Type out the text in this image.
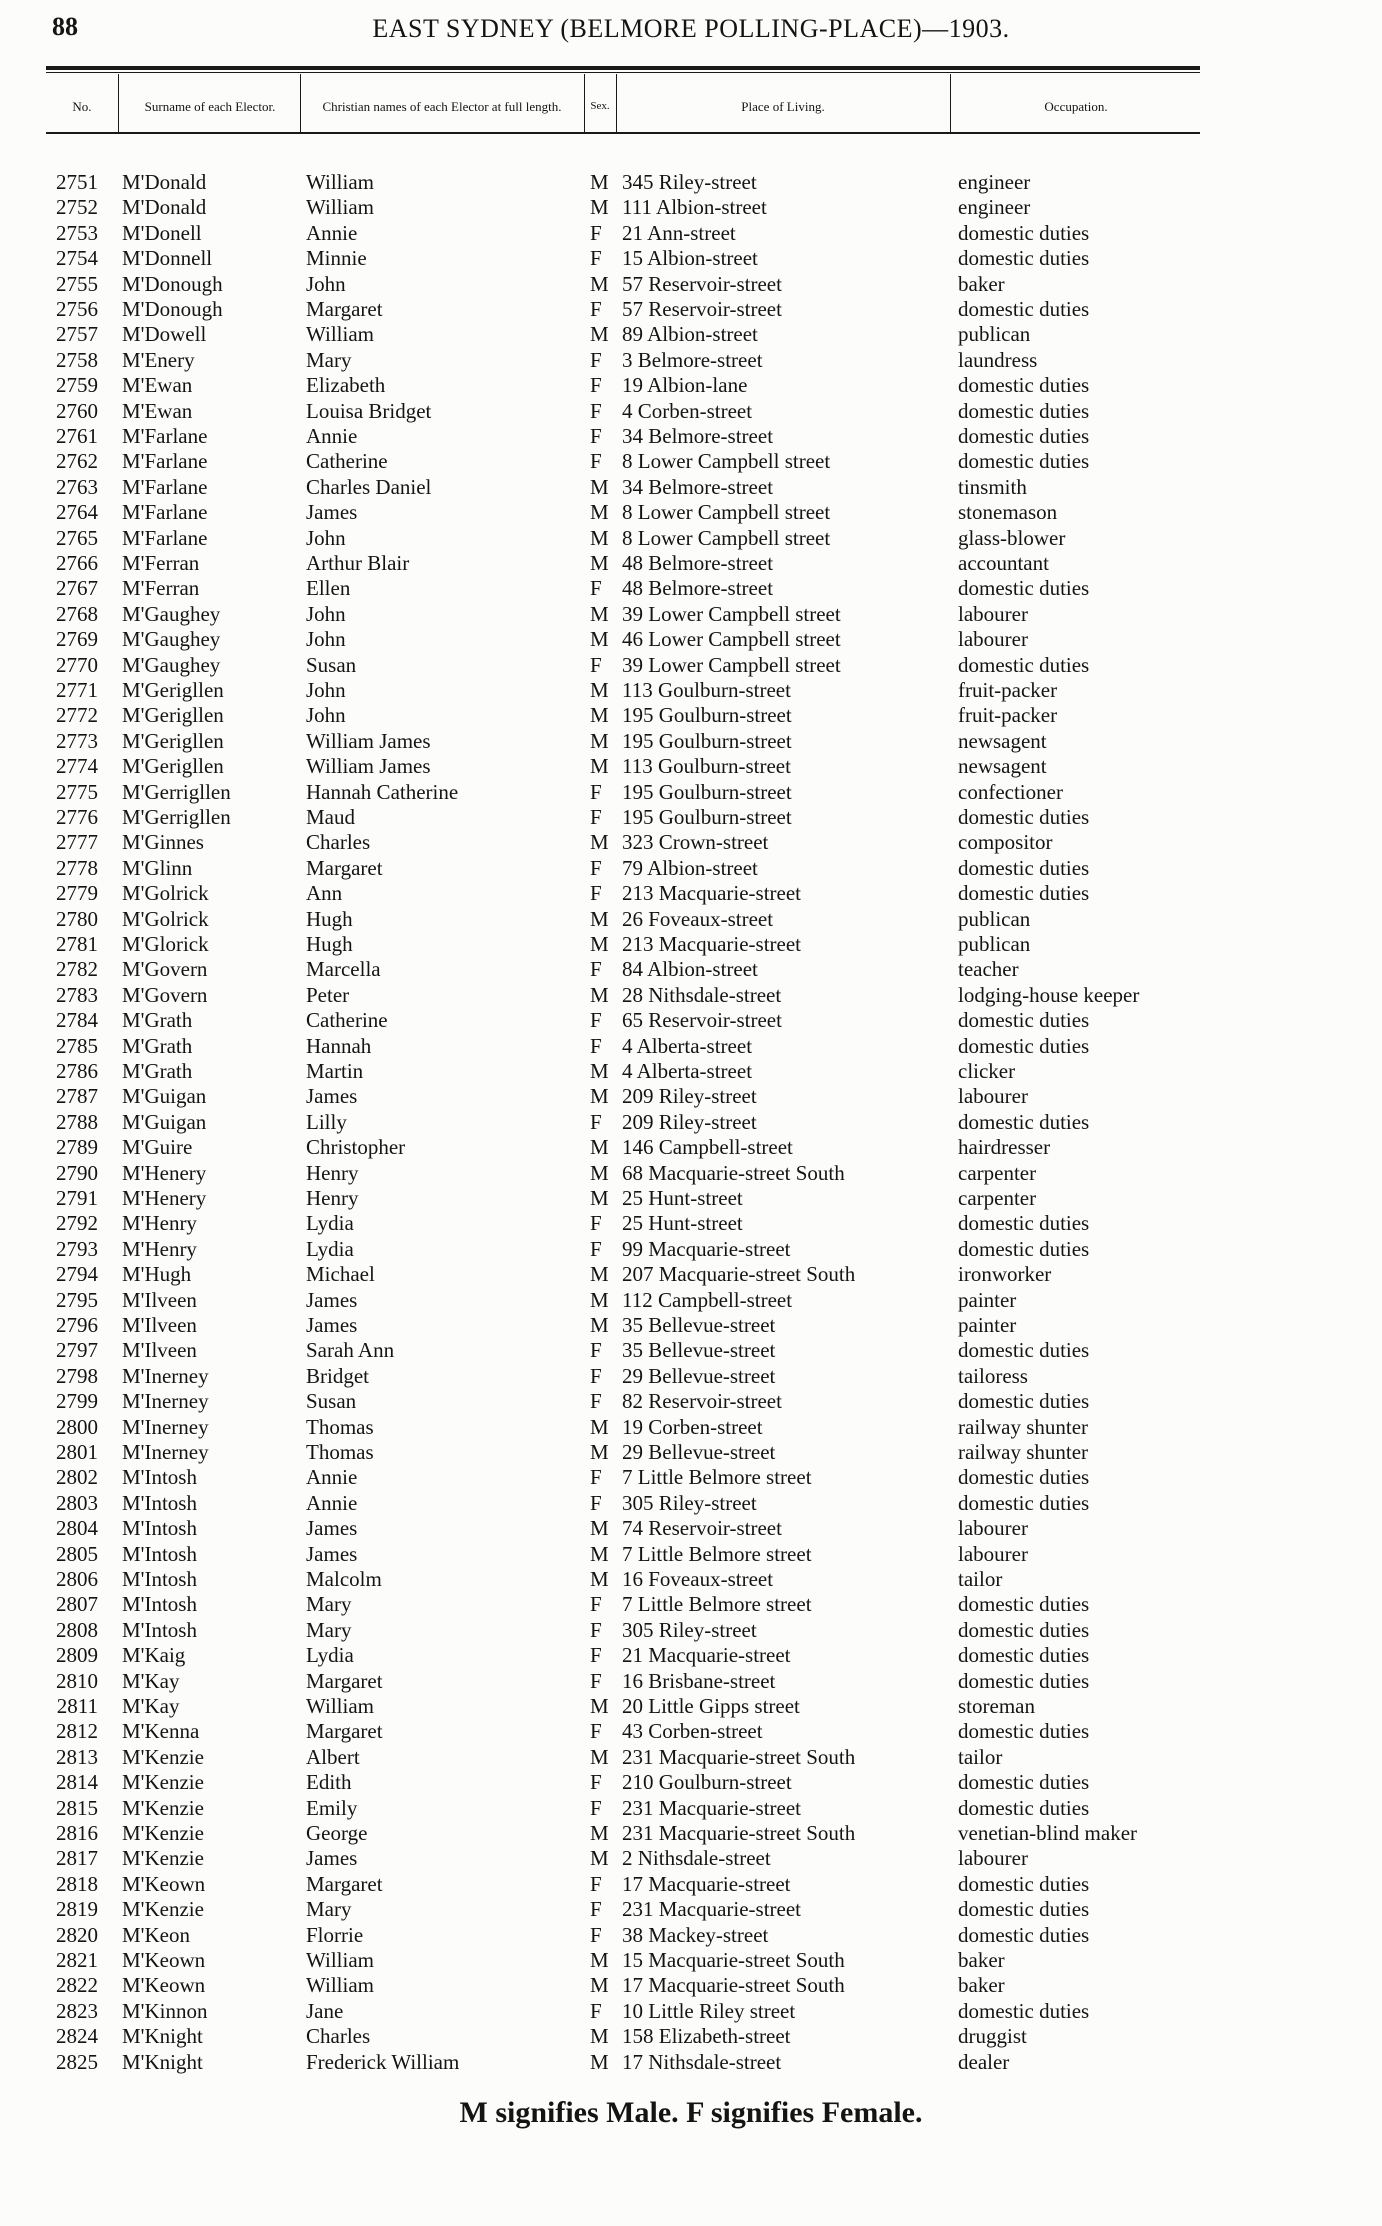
88	EAST SYDNEY (BELMORE POLLING-PLACE)—1903.
No.	Surname of each Elector.	Christian names of each Elector at full length.	Sex.	Place of Living.	Occupation.
2751 M'Donald	William	M 345 Riley-street	engineer
2752 M'Donald	William	M 111 Albion-street	engineer
2753 M'Donell	Annie	F 21 Ann-street	domestic duties
2754 M'Donnell	Minnie	F 15 Albion-street	domestic duties
2755 M'Donough	John	M 57 Reservoir-street	baker
2756 M'Donough	Margaret	F 57 Reservoir-street	domestic duties
2757 M'Dowell	William	M 89 Albion-street	publican
2758 M'Enery	Mary	F 3 Belmore-street	laundress
2759 M'Ewan	Elizabeth	F 19 Albion-lane	domestic duties
2760 M'Ewan	Louisa Bridget	F 4 Corben-street	domestic duties
2761 M'Farlane	Annie	F 34 Belmore-street	domestic duties
2762 M'Farlane	Catherine	F 8 Lower Campbell street	domestic duties
2763 M'Farlane	Charles Daniel	M 34 Belmore-street	tinsmith
2764 M'Farlane	James	M 8 Lower Campbell street	stonemason
2765 M'Farlane	John	M 8 Lower Campbell street	glass-blower
2766 M'Ferran	Arthur Blair	M 48 Belmore-street	accountant
2767 M'Ferran	Ellen	F 48 Belmore-street	domestic duties
2768 M'Gaughey	John	M 39 Lower Campbell street	labourer
2769 M'Gaughey	John	M 46 Lower Campbell street	labourer
2770 M'Gaughey	Susan	F 39 Lower Campbell street	domestic duties
2771 M'Gerigllen	John	M 113 Goulburn-street	fruit-packer
2772 M'Gerigllen	John	M 195 Goulburn-street	fruit-packer
2773 M'Gerigllen	William James	M 195 Goulburn-street	newsagent
2774 M'Gerigllen	William James	M 113 Goulburn-street	newsagent
2775 M'Gerrigllen	Hannah Catherine	F 195 Goulburn-street	confectioner
2776 M'Gerrigllen	Maud	F 195 Goulburn-street	domestic duties
2777 M'Ginnes	Charles	M 323 Crown-street	compositor
2778 M'Glinn	Margaret	F 79 Albion-street	domestic duties
2779 M'Golrick	Ann	F 213 Macquarie-street	domestic duties
2780 M'Golrick	Hugh	M 26 Foveaux-street	publican
2781 M'Glorick	Hugh	M 213 Macquarie-street	publican
2782 M'Govern	Marcella	F 84 Albion-street	teacher
2783 M'Govern	Peter	M 28 Nithsdale-street	lodging-house keeper
2784 M'Grath	Catherine	F 65 Reservoir-street	domestic duties
2785 M'Grath	Hannah	F 4 Alberta-street	domestic duties
2786 M'Grath	Martin	M 4 Alberta-street	clicker
2787 M'Guigan	James	M 209 Riley-street	labourer
2788 M'Guigan	Lilly	F 209 Riley-street	domestic duties
2789 M'Guire	Christopher	M 146 Campbell-street	hairdresser
2790 M'Henery	Henry	M 68 Macquarie-street South	carpenter
2791 M'Henery	Henry	M 25 Hunt-street	carpenter
2792 M'Henry	Lydia	F 25 Hunt-street	domestic duties
2793 M'Henry	Lydia	F 99 Macquarie-street	domestic duties
2794 M'Hugh	Michael	M 207 Macquarie-street South	ironworker
2795 M'Ilveen	James	M 112 Campbell-street	painter
2796 M'Ilveen	James	M 35 Bellevue-street	painter
2797 M'Ilveen	Sarah Ann	F 35 Bellevue-street	domestic duties
2798 M'Inerney	Bridget	F 29 Bellevue-street	tailoress
2799 M'Inerney	Susan	F 82 Reservoir-street	domestic duties
2800 M'Inerney	Thomas	M 19 Corben-street	railway shunter
2801 M'Inerney	Thomas	M 29 Bellevue-street	railway shunter
2802 M'Intosh	Annie	F 7 Little Belmore street	domestic duties
2803 M'Intosh	Annie	F 305 Riley-street	domestic duties
2804 M'Intosh	James	M 74 Reservoir-street	labourer
2805 M'Intosh	James	M 7 Little Belmore street	labourer
2806 M'Intosh	Malcolm	M 16 Foveaux-street	tailor
2807 M'Intosh	Mary	F 7 Little Belmore street	domestic duties
2808 M'Intosh	Mary	F 305 Riley-street	domestic duties
2809 M'Kaig	Lydia	F 21 Macquarie-street	domestic duties
2810 M'Kay	Margaret	F 16 Brisbane-street	domestic duties
2811 M'Kay	William	M 20 Little Gipps street	storeman
2812 M'Kenna	Margaret	F 43 Corben-street	domestic duties
2813 M'Kenzie	Albert	M 231 Macquarie-street South	tailor
2814 M'Kenzie	Edith	F 210 Goulburn-street	domestic duties
2815 M'Kenzie	Emily	F 231 Macquarie-street	domestic duties
2816 M'Kenzie	George	M 231 Macquarie-street South	venetian-blind maker
2817 M'Kenzie	James	M 2 Nithsdale-street	labourer
2818 M'Keown	Margaret	F 17 Macquarie-street	domestic duties
2819 M'Kenzie	Mary	F 231 Macquarie-street	domestic duties
2820 M'Keon	Florrie	F 38 Mackey-street	domestic duties
2821 M'Keown	William	M 15 Macquarie-street South	baker
2822 M'Keown	William	M 17 Macquarie-street South	baker
2823 M'Kinnon	Jane	F 10 Little Riley street	domestic duties
2824 M'Knight	Charles	M 158 Elizabeth-street	druggist
2825 M'Knight	Frederick William	M 17 Nithsdale-street	dealer
M signifies Male. F signifies Female.
